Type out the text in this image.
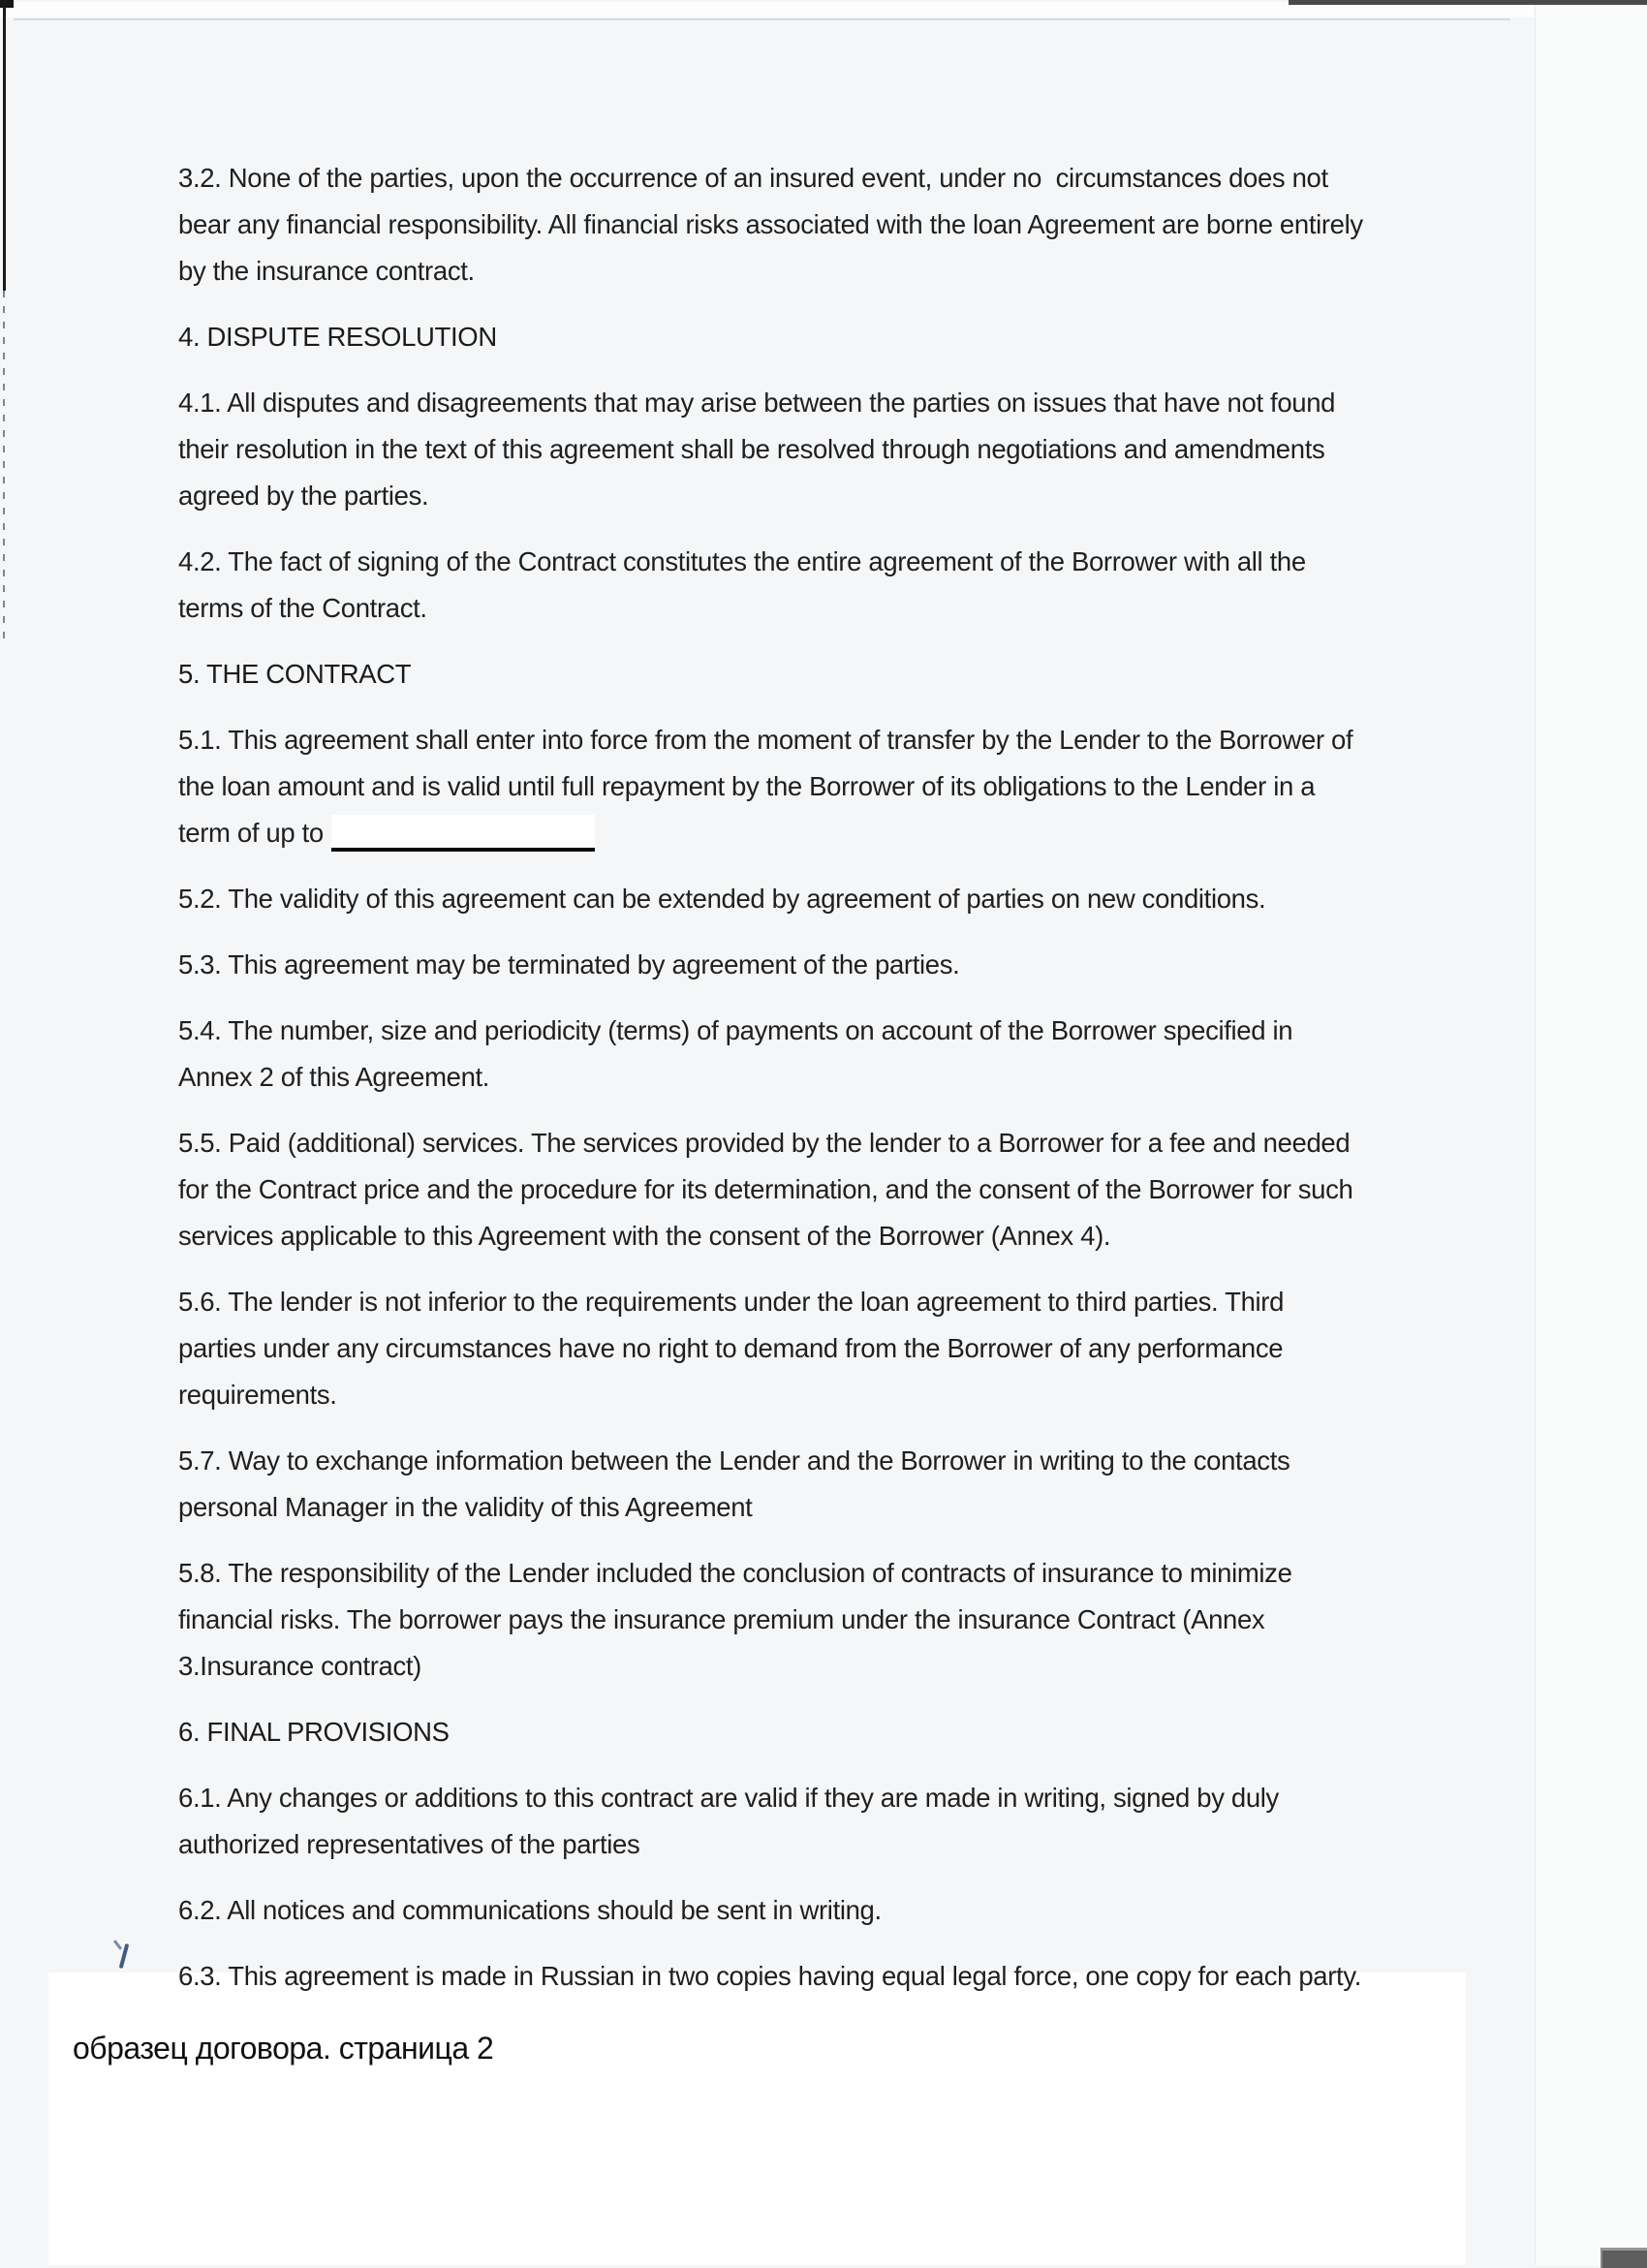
3.2. None of the parties, upon the occurrence of an insured event, under no  circumstances does not
bear any financial responsibility. All financial risks associated with the loan Agreement are borne entirely
by the insurance contract.
4. DISPUTE RESOLUTION
4.1. All disputes and disagreements that may arise between the parties on issues that have not found
their resolution in the text of this agreement shall be resolved through negotiations and amendments
agreed by the parties.
4.2. The fact of signing of the Contract constitutes the entire agreement of the Borrower with all the
terms of the Contract.
5. THE CONTRACT
5.1. This agreement shall enter into force from the moment of transfer by the Lender to the Borrower of
the loan amount and is valid until full repayment by the Borrower of its obligations to the Lender in a
term of up to
5.2. The validity of this agreement can be extended by agreement of parties on new conditions.
5.3. This agreement may be terminated by agreement of the parties.
5.4. The number, size and periodicity (terms) of payments on account of the Borrower specified in
Annex 2 of this Agreement.
5.5. Paid (additional) services. The services provided by the lender to a Borrower for a fee and needed
for the Contract price and the procedure for its determination, and the consent of the Borrower for such
services applicable to this Agreement with the consent of the Borrower (Annex 4).
5.6. The lender is not inferior to the requirements under the loan agreement to third parties. Third
parties under any circumstances have no right to demand from the Borrower of any performance
requirements.
5.7. Way to exchange information between the Lender and the Borrower in writing to the contacts
personal Manager in the validity of this Agreement
5.8. The responsibility of the Lender included the conclusion of contracts of insurance to minimize
financial risks. The borrower pays the insurance premium under the insurance Contract (Annex
3.Insurance contract)
6. FINAL PROVISIONS
6.1. Any changes or additions to this contract are valid if they are made in writing, signed by duly
authorized representatives of the parties
6.2. All notices and communications should be sent in writing.
6.3. This agreement is made in Russian in two copies having equal legal force, one copy for each party.
образец договора. страница 2
